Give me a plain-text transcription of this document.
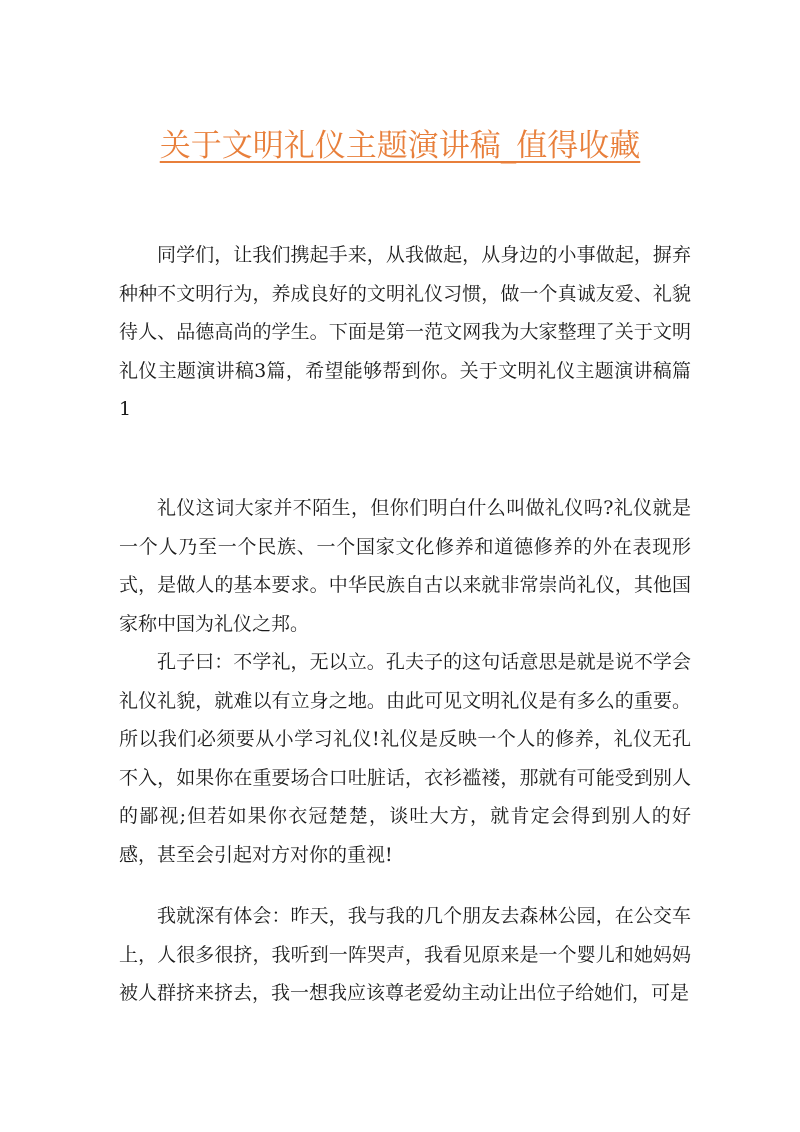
关于文明礼仪主题演讲稿_值得收藏

同学们，让我们携起手来，从我做起，从身边的小事做起，摒弃种种不文明行为，养成良好的文明礼仪习惯，做一个真诚友爱、礼貌待人、品德高尚的学生。下面是第一范文网我为大家整理了关于文明礼仪主题演讲稿3篇，希望能够帮到你。关于文明礼仪主题演讲稿篇1

礼仪这词大家并不陌生，但你们明白什么叫做礼仪吗?礼仪就是一个人乃至一个民族、一个国家文化修养和道德修养的外在表现形式，是做人的基本要求。中华民族自古以来就非常崇尚礼仪，其他国家称中国为礼仪之邦。

孔子曰：不学礼，无以立。孔夫子的这句话意思是就是说不学会礼仪礼貌，就难以有立身之地。由此可见文明礼仪是有多么的重要。所以我们必须要从小学习礼仪!礼仪是反映一个人的修养，礼仪无孔不入，如果你在重要场合口吐脏话，衣衫褴褛，那就有可能受到别人的鄙视;但若如果你衣冠楚楚，谈吐大方，就肯定会得到别人的好感，甚至会引起对方对你的重视!

我就深有体会：昨天，我与我的几个朋友去森林公园，在公交车上，人很多很挤，我听到一阵哭声，我看见原来是一个婴儿和她妈妈被人群挤来挤去，我一想我应该尊老爱幼主动让出位子给她们，可是
